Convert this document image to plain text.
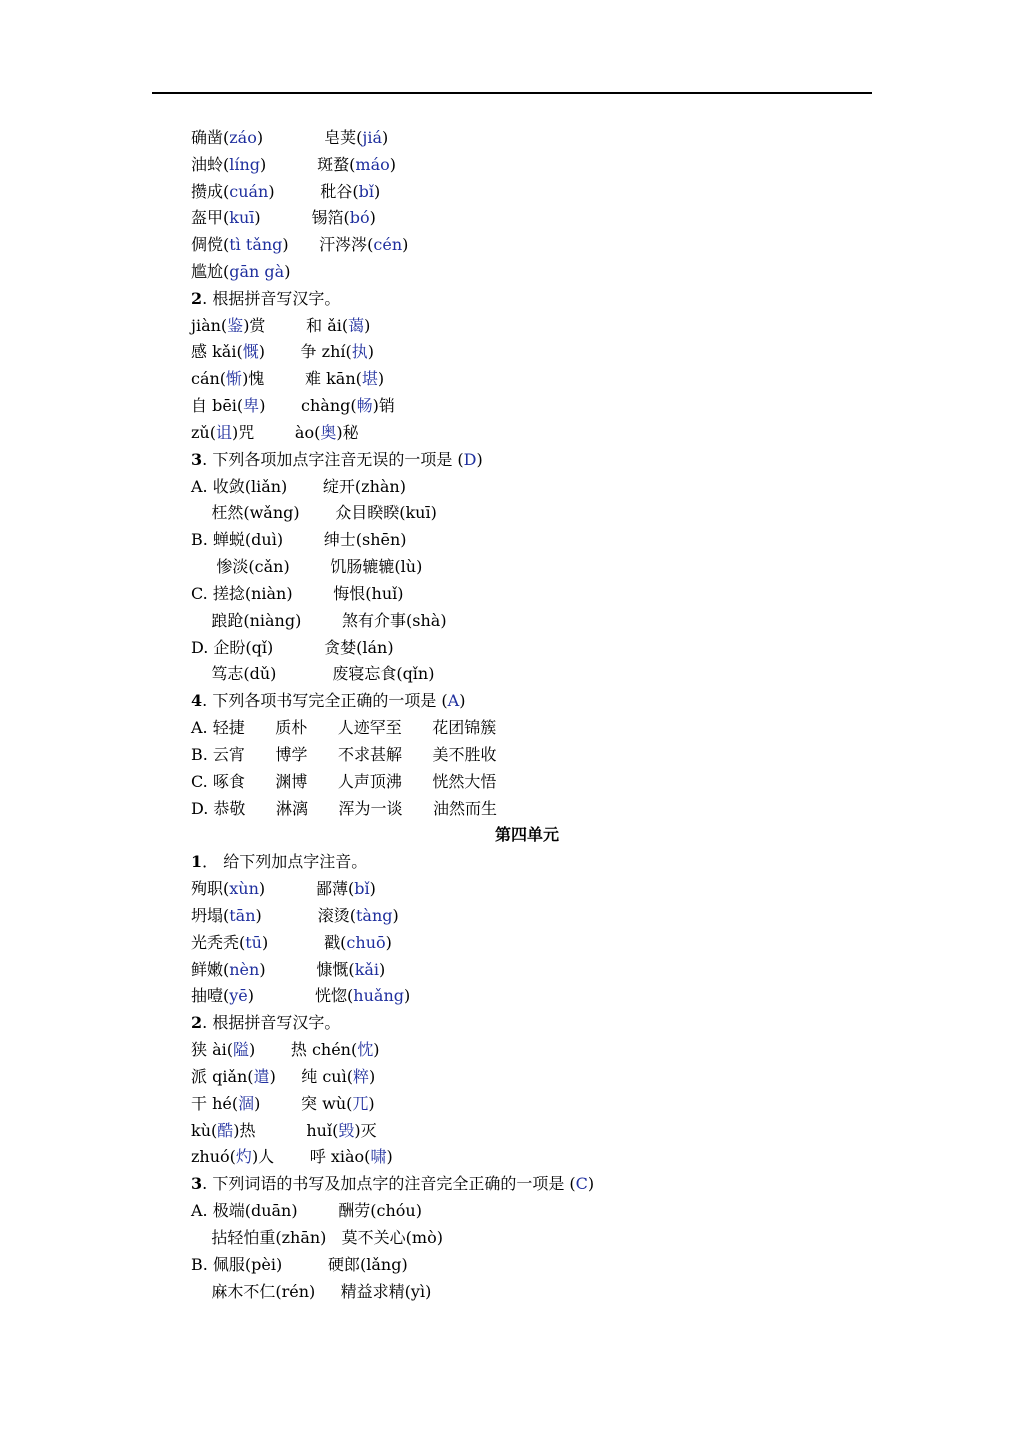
确凿(záo)            皂荚(jiá)
油蛉(líng)          斑蝥(máo)
攒成(cuán)         秕谷(bǐ)
盔甲(kuī)          锡箔(bó)
倜傥(tì tǎng)      汗涔涔(cén)
尴尬(gān gà)
2. 根据拼音写汉字。
jiàn(鉴)赏        和 ǎi(蔼)
感 kǎi(慨)       争 zhí(执)
cán(惭)愧        难 kān(堪)
自 bēi(卑)       chàng(畅)销
zǔ(诅)咒        ào(奥)秘
3. 下列各项加点字注音无误的一项是 (D)
A. 收敛(liǎn)       绽开(zhàn)
枉然(wǎng)       众目睽睽(kuī)
B. 蝉蜕(duì)        绅士(shēn)
惨淡(cǎn)        饥肠辘辘(lù)
C. 搓捻(niàn)        悔恨(huǐ)
踉跄(niàng)        煞有介事(shà)
D. 企盼(qǐ)          贪婪(lán)
笃志(dǔ)           废寝忘食(qǐn)
4. 下列各项书写完全正确的一项是 (A)
A. 轻捷      质朴      人迹罕至      花团锦簇
B. 云宵      博学      不求甚解      美不胜收
C. 啄食      渊博      人声顶沸      恍然大悟
D. 恭敬      淋漓      浑为一谈      油然而生
第四单元
1． 给下列加点字注音。
殉职(xùn)          鄙薄(bǐ)
坍塌(tān)           滚烫(tàng)
光秃秃(tū)           戳(chuō)
鲜嫩(nèn)          慷慨(kǎi)
抽噎(yē)            恍惚(huǎng)
2. 根据拼音写汉字。
狭 ài(隘)       热 chén(忱)
派 qiǎn(遣)     纯 cuì(粹)
干 hé(涸)        突 wù(兀)
kù(酷)热          huǐ(毁)灭
zhuó(灼)人       呼 xiào(啸)
3. 下列词语的书写及加点字的注音完全正确的一项是 (C)
A. 极端(duān)        酬劳(chóu)
拈轻怕重(zhān)   莫不关心(mò)
B. 佩服(pèi)         硬郎(lǎng)
麻木不仁(rén)     精益求精(yì)
